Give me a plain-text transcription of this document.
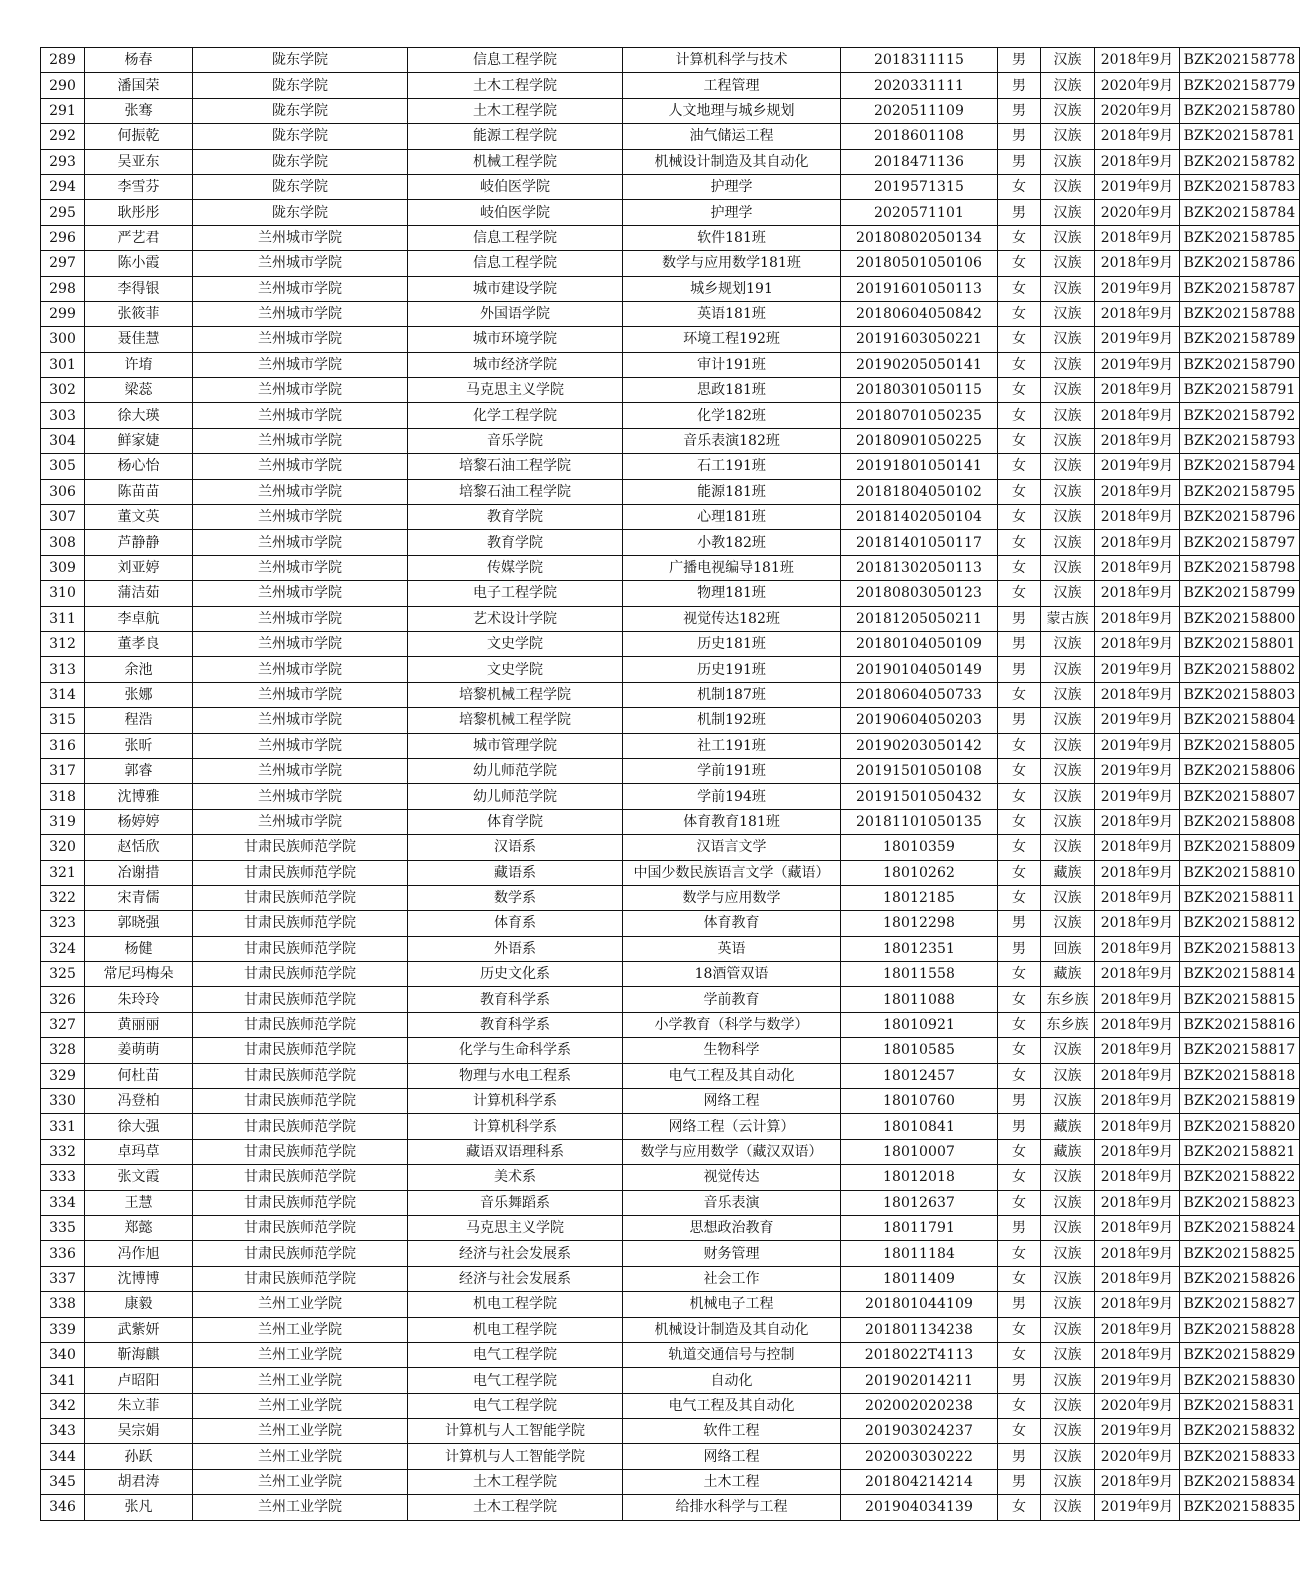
289	杨春	陇东学院	信息工程学院	计算机科学与技术	2018311115	男	汉族	2018年9月	BZK202158778
290	潘国荣	陇东学院	土木工程学院	工程管理	2020331111	男	汉族	2020年9月	BZK202158779
291	张骞	陇东学院	土木工程学院	人文地理与城乡规划	2020511109	男	汉族	2020年9月	BZK202158780
292	何振乾	陇东学院	能源工程学院	油气储运工程	2018601108	男	汉族	2018年9月	BZK202158781
293	吴亚东	陇东学院	机械工程学院	机械设计制造及其自动化	2018471136	男	汉族	2018年9月	BZK202158782
294	李雪芬	陇东学院	岐伯医学院	护理学	2019571315	女	汉族	2019年9月	BZK202158783
295	耿彤彤	陇东学院	岐伯医学院	护理学	2020571101	男	汉族	2020年9月	BZK202158784
296	严艺君	兰州城市学院	信息工程学院	软件181班	20180802050134	女	汉族	2018年9月	BZK202158785
297	陈小霞	兰州城市学院	信息工程学院	数学与应用数学181班	20180501050106	女	汉族	2018年9月	BZK202158786
298	李得银	兰州城市学院	城市建设学院	城乡规划191	20191601050113	女	汉族	2019年9月	BZK202158787
299	张筱菲	兰州城市学院	外国语学院	英语181班	20180604050842	女	汉族	2018年9月	BZK202158788
300	聂佳慧	兰州城市学院	城市环境学院	环境工程192班	20191603050221	女	汉族	2019年9月	BZK202158789
301	许堉	兰州城市学院	城市经济学院	审计191班	20190205050141	女	汉族	2019年9月	BZK202158790
302	梁蕊	兰州城市学院	马克思主义学院	思政181班	20180301050115	女	汉族	2018年9月	BZK202158791
303	徐大瑛	兰州城市学院	化学工程学院	化学182班	20180701050235	女	汉族	2018年9月	BZK202158792
304	鲜家婕	兰州城市学院	音乐学院	音乐表演182班	20180901050225	女	汉族	2018年9月	BZK202158793
305	杨心怡	兰州城市学院	培黎石油工程学院	石工191班	20191801050141	女	汉族	2019年9月	BZK202158794
306	陈苗苗	兰州城市学院	培黎石油工程学院	能源181班	20181804050102	女	汉族	2018年9月	BZK202158795
307	董文英	兰州城市学院	教育学院	心理181班	20181402050104	女	汉族	2018年9月	BZK202158796
308	芦静静	兰州城市学院	教育学院	小教182班	20181401050117	女	汉族	2018年9月	BZK202158797
309	刘亚婷	兰州城市学院	传媒学院	广播电视编导181班	20181302050113	女	汉族	2018年9月	BZK202158798
310	蒲洁茹	兰州城市学院	电子工程学院	物理181班	20180803050123	女	汉族	2018年9月	BZK202158799
311	李卓航	兰州城市学院	艺术设计学院	视觉传达182班	20181205050211	男	蒙古族	2018年9月	BZK202158800
312	董孝良	兰州城市学院	文史学院	历史181班	20180104050109	男	汉族	2018年9月	BZK202158801
313	余池	兰州城市学院	文史学院	历史191班	20190104050149	男	汉族	2019年9月	BZK202158802
314	张娜	兰州城市学院	培黎机械工程学院	机制187班	20180604050733	女	汉族	2018年9月	BZK202158803
315	程浩	兰州城市学院	培黎机械工程学院	机制192班	20190604050203	男	汉族	2019年9月	BZK202158804
316	张昕	兰州城市学院	城市管理学院	社工191班	20190203050142	女	汉族	2019年9月	BZK202158805
317	郭睿	兰州城市学院	幼儿师范学院	学前191班	20191501050108	女	汉族	2019年9月	BZK202158806
318	沈博雅	兰州城市学院	幼儿师范学院	学前194班	20191501050432	女	汉族	2019年9月	BZK202158807
319	杨婷婷	兰州城市学院	体育学院	体育教育181班	20181101050135	女	汉族	2018年9月	BZK202158808
320	赵恬欣	甘肃民族师范学院	汉语系	汉语言文学	18010359	女	汉族	2018年9月	BZK202158809
321	冶谢措	甘肃民族师范学院	藏语系	中国少数民族语言文学（藏语）	18010262	女	藏族	2018年9月	BZK202158810
322	宋青儒	甘肃民族师范学院	数学系	数学与应用数学	18012185	女	汉族	2018年9月	BZK202158811
323	郭晓强	甘肃民族师范学院	体育系	体育教育	18012298	男	汉族	2018年9月	BZK202158812
324	杨健	甘肃民族师范学院	外语系	英语	18012351	男	回族	2018年9月	BZK202158813
325	常尼玛梅朵	甘肃民族师范学院	历史文化系	18酒管双语	18011558	女	藏族	2018年9月	BZK202158814
326	朱玲玲	甘肃民族师范学院	教育科学系	学前教育	18011088	女	东乡族	2018年9月	BZK202158815
327	黄丽丽	甘肃民族师范学院	教育科学系	小学教育（科学与数学）	18010921	女	东乡族	2018年9月	BZK202158816
328	姜萌萌	甘肃民族师范学院	化学与生命科学系	生物科学	18010585	女	汉族	2018年9月	BZK202158817
329	何杜苗	甘肃民族师范学院	物理与水电工程系	电气工程及其自动化	18012457	女	汉族	2018年9月	BZK202158818
330	冯登柏	甘肃民族师范学院	计算机科学系	网络工程	18010760	男	汉族	2018年9月	BZK202158819
331	徐大强	甘肃民族师范学院	计算机科学系	网络工程（云计算）	18010841	男	藏族	2018年9月	BZK202158820
332	卓玛草	甘肃民族师范学院	藏语双语理科系	数学与应用数学（藏汉双语）	18010007	女	藏族	2018年9月	BZK202158821
333	张文霞	甘肃民族师范学院	美术系	视觉传达	18012018	女	汉族	2018年9月	BZK202158822
334	王慧	甘肃民族师范学院	音乐舞蹈系	音乐表演	18012637	女	汉族	2018年9月	BZK202158823
335	郑懿	甘肃民族师范学院	马克思主义学院	思想政治教育	18011791	男	汉族	2018年9月	BZK202158824
336	冯作旭	甘肃民族师范学院	经济与社会发展系	财务管理	18011184	女	汉族	2018年9月	BZK202158825
337	沈博博	甘肃民族师范学院	经济与社会发展系	社会工作	18011409	女	汉族	2018年9月	BZK202158826
338	康毅	兰州工业学院	机电工程学院	机械电子工程	201801044109	男	汉族	2018年9月	BZK202158827
339	武紫妍	兰州工业学院	机电工程学院	机械设计制造及其自动化	201801134238	女	汉族	2018年9月	BZK202158828
340	靳海麒	兰州工业学院	电气工程学院	轨道交通信号与控制	2018022T4113	女	汉族	2018年9月	BZK202158829
341	卢昭阳	兰州工业学院	电气工程学院	自动化	201902014211	男	汉族	2019年9月	BZK202158830
342	朱立菲	兰州工业学院	电气工程学院	电气工程及其自动化	202002020238	女	汉族	2020年9月	BZK202158831
343	吴宗娟	兰州工业学院	计算机与人工智能学院	软件工程	201903024237	女	汉族	2019年9月	BZK202158832
344	孙跃	兰州工业学院	计算机与人工智能学院	网络工程	202003030222	男	汉族	2020年9月	BZK202158833
345	胡君涛	兰州工业学院	土木工程学院	土木工程	201804214214	男	汉族	2018年9月	BZK202158834
346	张凡	兰州工业学院	土木工程学院	给排水科学与工程	201904034139	女	汉族	2019年9月	BZK202158835
